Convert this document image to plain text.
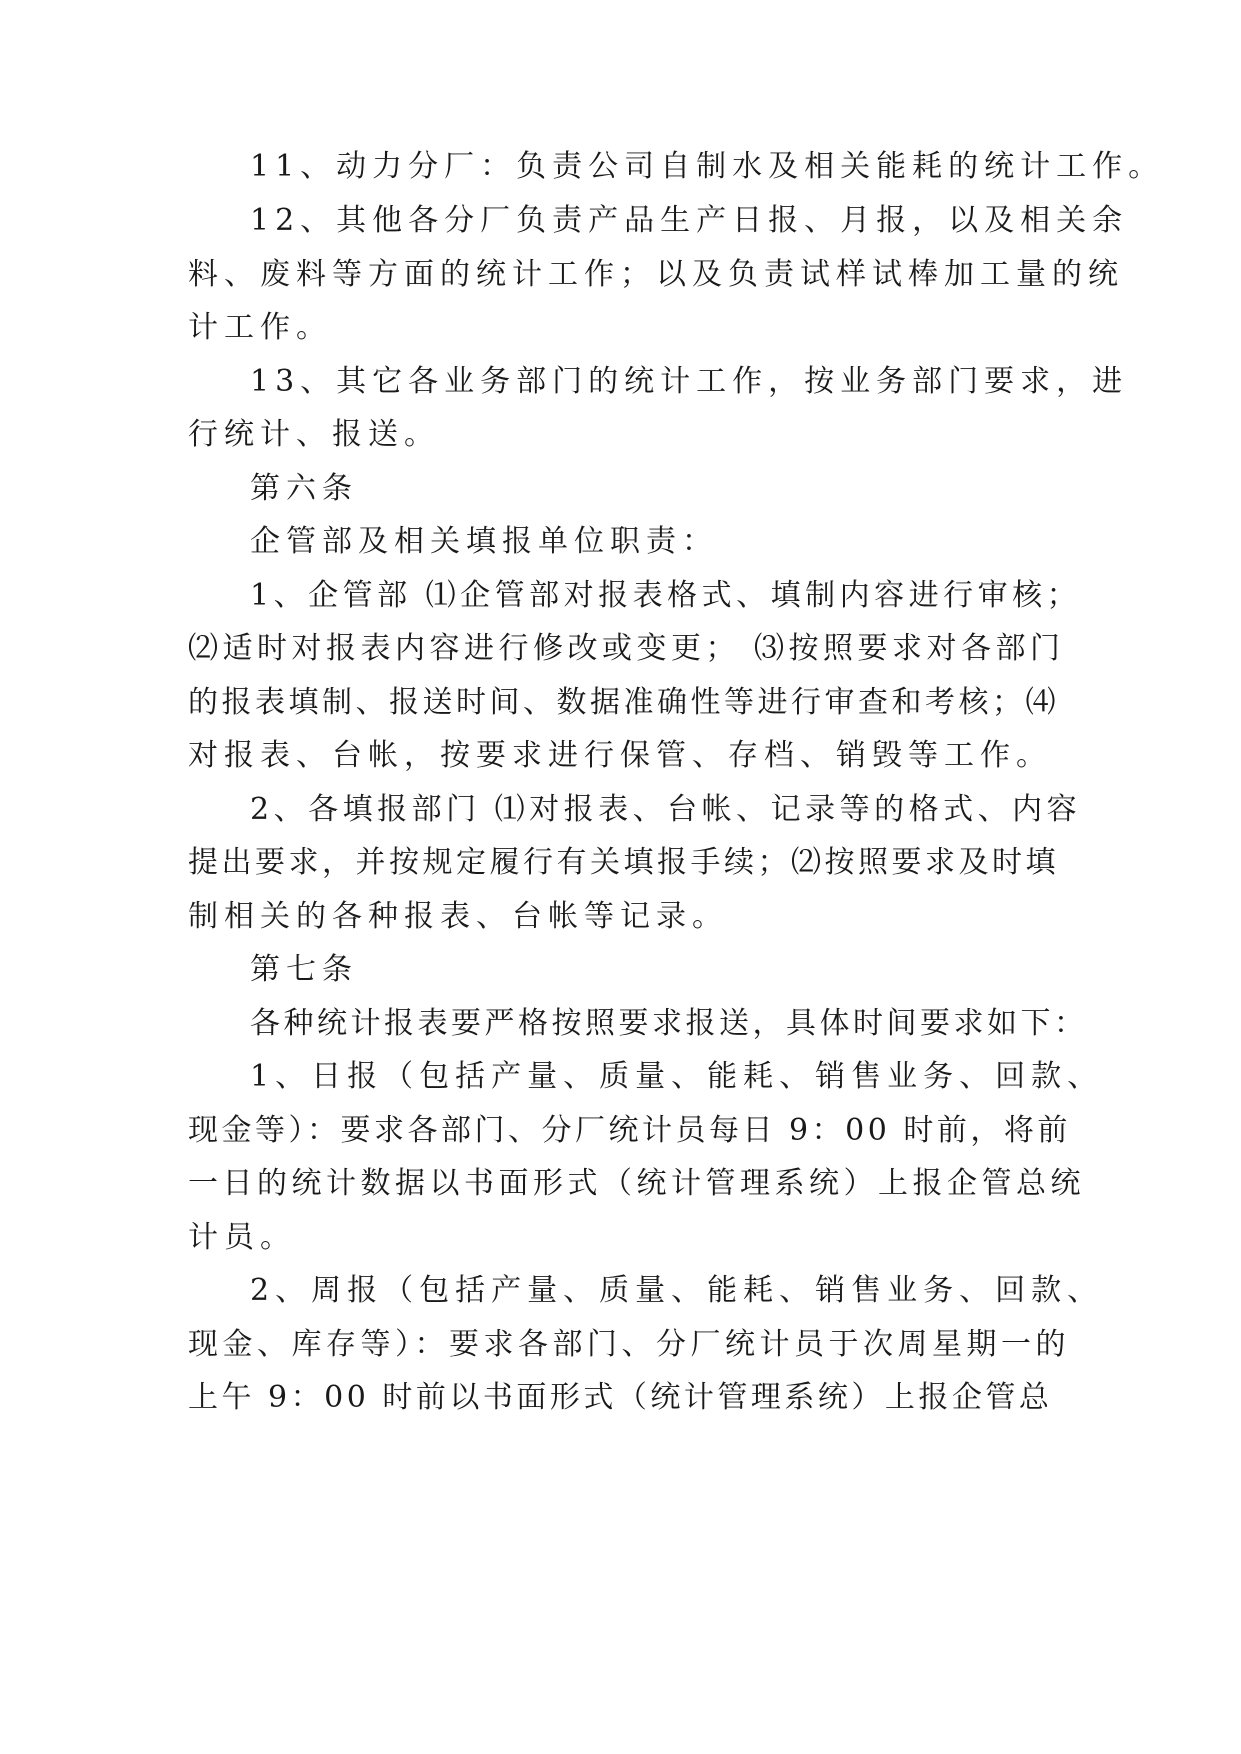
11、动力分厂：负责公司自制水及相关能耗的统计工作。
12、其他各分厂负责产品生产日报、月报，以及相关余
料、废料等方面的统计工作；以及负责试样试棒加工量的统
计工作。
13、其它各业务部门的统计工作，按业务部门要求，进
行统计、报送。
第六条
企管部及相关填报单位职责：
1、企管部 ⑴企管部对报表格式、填制内容进行审核；
⑵适时对报表内容进行修改或变更； ⑶按照要求对各部门
的报表填制、报送时间、数据准确性等进行审查和考核；⑷
对报表、台帐，按要求进行保管、存档、销毁等工作。
2、各填报部门 ⑴对报表、台帐、记录等的格式、内容
提出要求，并按规定履行有关填报手续；⑵按照要求及时填
制相关的各种报表、台帐等记录。
第七条
各种统计报表要严格按照要求报送，具体时间要求如下：
1、日报（包括产量、质量、能耗、销售业务、回款、
现金等）：要求各部门、分厂统计员每日 9：00 时前，将前
一日的统计数据以书面形式（统计管理系统）上报企管总统
计员。
2、周报（包括产量、质量、能耗、销售业务、回款、
现金、库存等）：要求各部门、分厂统计员于次周星期一的
上午 9：00 时前以书面形式（统计管理系统）上报企管总
